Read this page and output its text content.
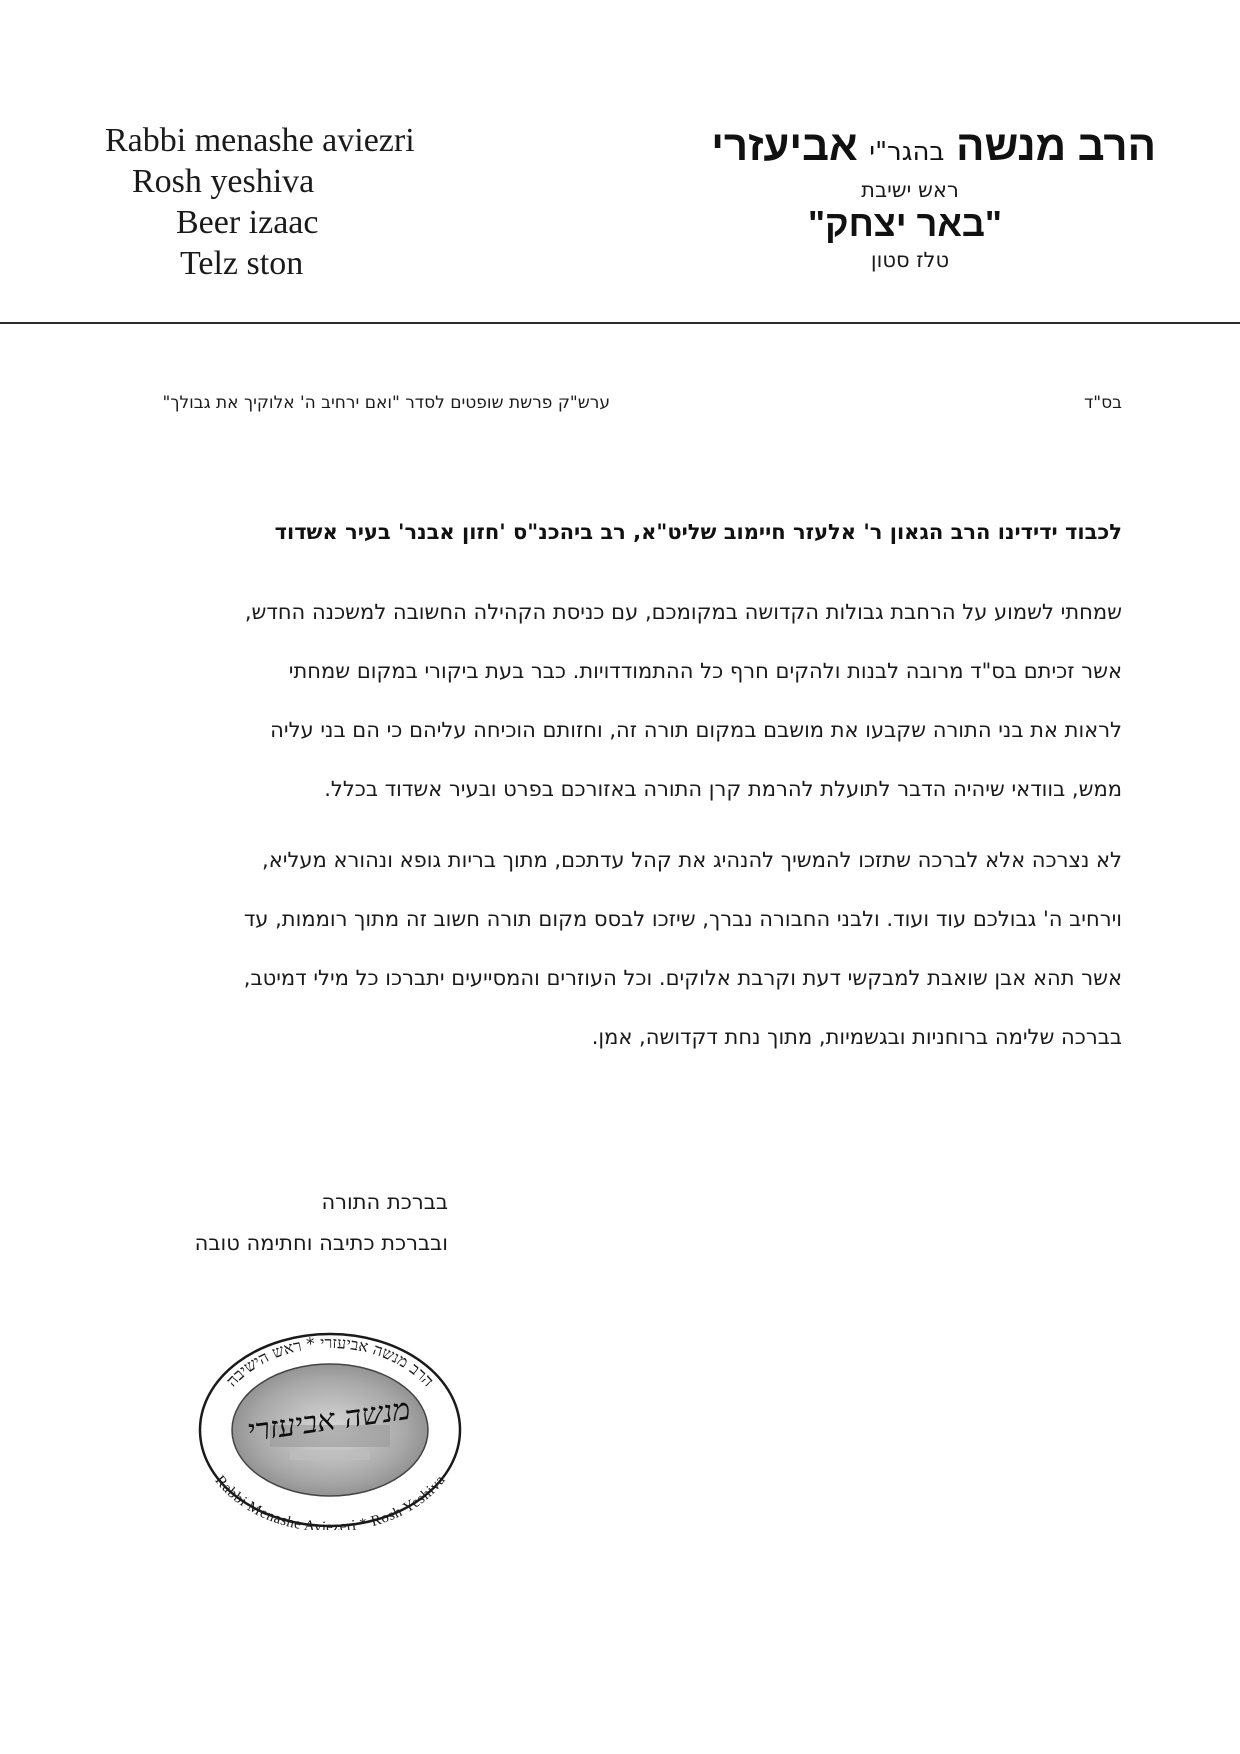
Rabbi menashe aviezri
Rosh yeshiva
Beer izaac
Telz ston
הרב מנשה בהגר"י אביעזרי
ראש ישיבת
"באר יצחק"
טלז סטון
בס"ד
ערש"ק פרשת שופטים לסדר "ואם ירחיב ה' אלוקיך את גבולך"
לכבוד ידידינו הרב הגאון ר' אלעזר חיימוב שליט"א, רב ביהכנ"ס 'חזון אבנר' בעיר אשדוד
שמחתי לשמוע על הרחבת גבולות הקדושה במקומכם, עם כניסת הקהילה החשובה למשכנה החדש,
אשר זכיתם בס"ד מרובה לבנות ולהקים חרף כל ההתמודדויות. כבר בעת ביקורי במקום שמחתי
לראות את בני התורה שקבעו את מושבם במקום תורה זה, וחזותם הוכיחה עליהם כי הם בני עליה
ממש, בוודאי שיהיה הדבר לתועלת להרמת קרן התורה באזורכם בפרט ובעיר אשדוד בכלל.
לא נצרכה אלא לברכה שתזכו להמשיך להנהיג את קהל עדתכם, מתוך בריות גופא ונהורא מעליא,
וירחיב ה' גבולכם עוד ועוד. ולבני החבורה נברך, שיזכו לבסס מקום תורה חשוב זה מתוך רוממות, עד
אשר תהא אבן שואבת למבקשי דעת וקרבת אלוקים. וכל העוזרים והמסייעים יתברכו כל מילי דמיטב,
בברכה שלימה ברוחניות ובגשמיות, מתוך נחת דקדושה, אמן.
בברכת התורה
ובברכת כתיבה וחתימה טובה
הרב מנשה אביעזרי * ראש הישיבה
Rabbi Menashe Aviezeri * Rosh Yeshiva
מנשה אביעזרי
